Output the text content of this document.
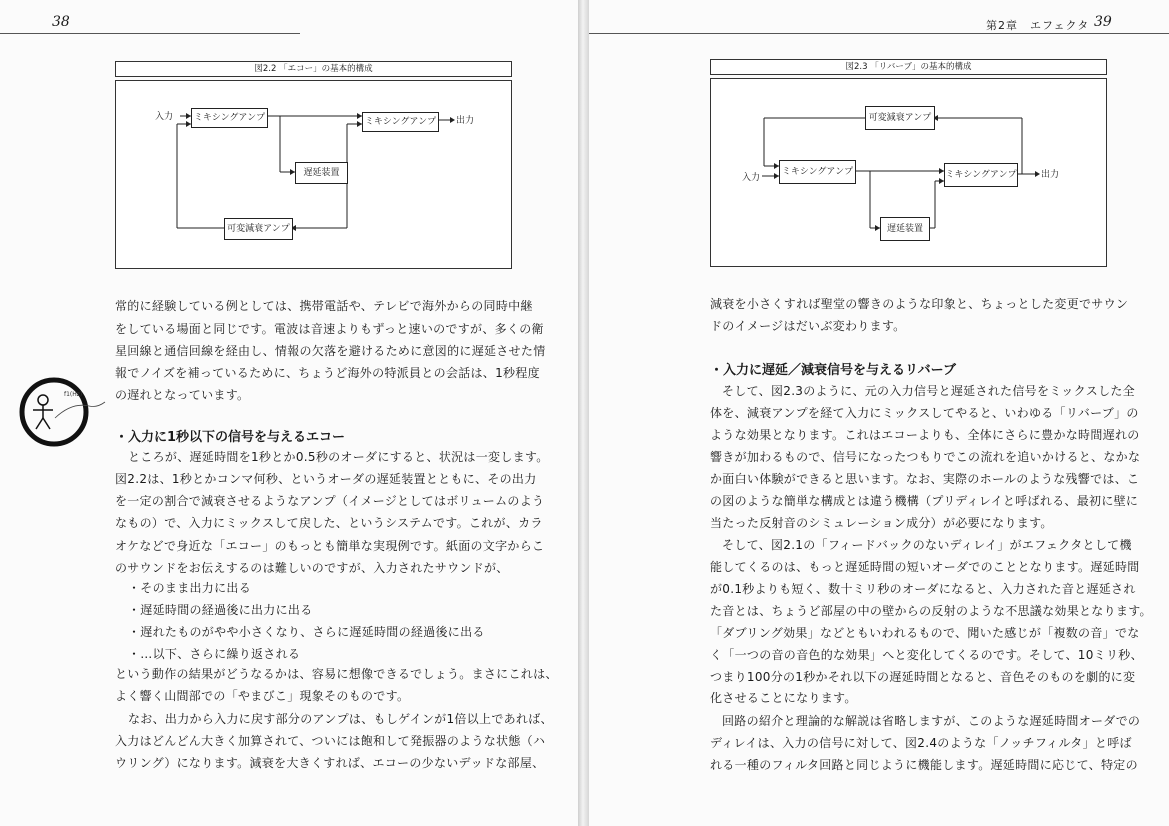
38
図2.2 「エコー」の基本的構成
入力	ミキシングアンプ	ミキシングアンプ	出力
遅延装置
可変減衰アンプ
常的に経験している例としては、携帯電話や、テレビで海外からの同時中継
をしている場面と同じです。電波は音速よりもずっと速いのですが、多くの衛
星回線と通信回線を経由し、情報の欠落を避けるために意図的に遅延させた情
報でノイズを補っているために、ちょうど海外の特派員との会話は、1秒程度
の遅れとなっています。
f1(Hz)
・入力に1秒以下の信号を与えるエコー
ところが、遅延時間を1秒とか0.5秒のオーダにすると、状況は一変します。
図2.2は、1秒とかコンマ何秒、というオーダの遅延装置とともに、その出力
を一定の割合で減衰させるようなアンプ（イメージとしてはボリュームのよう
なもの）で、入力にミックスして戻した、というシステムです。これが、カラ
オケなどで身近な「エコー」のもっとも簡単な実現例です。紙面の文字からこ
のサウンドをお伝えするのは難しいのですが、入力されたサウンドが、
・そのまま出力に出る
・遅延時間の経過後に出力に出る
・遅れたものがやや小さくなり、さらに遅延時間の経過後に出る
・…以下、さらに繰り返される
という動作の結果がどうなるかは、容易に想像できるでしょう。まさにこれは、
よく響く山間部での「やまびこ」現象そのものです。
なお、出力から入力に戻す部分のアンプは、もしゲインが1倍以上であれば、
入力はどんどん大きく加算されて、ついには飽和して発振器のような状態（ハ
ウリング）になります。減衰を大きくすれば、エコーの少ないデッドな部屋、
第2章　エフェクタ 39
図2.3 「リバーブ」の基本的構成
入力
可変減衰アンプ
ミキシングアンプ	ミキシングアンプ	出力
遅延装置
減衰を小さくすれば聖堂の響きのような印象と、ちょっとした変更でサウン
ドのイメージはだいぶ変わります。
・入力に遅延／減衰信号を与えるリバーブ
そして、図2.3のように、元の入力信号と遅延された信号をミックスした全
体を、減衰アンプを経て入力にミックスしてやると、いわゆる「リバーブ」の
ような効果となります。これはエコーよりも、全体にさらに豊かな時間遅れの
響きが加わるもので、信号になったつもりでこの流れを追いかけると、なかな
か面白い体験ができると思います。なお、実際のホールのような残響では、こ
の図のような簡単な構成とは違う機構（プリディレイと呼ばれる、最初に壁に
当たった反射音のシミュレーション成分）が必要になります。
そして、図2.1の「フィードバックのないディレイ」がエフェクタとして機
能してくるのは、もっと遅延時間の短いオーダでのこととなります。遅延時間
が0.1秒よりも短く、数十ミリ秒のオーダになると、入力された音と遅延され
た音とは、ちょうど部屋の中の壁からの反射のような不思議な効果となります。
「ダブリング効果」などともいわれるもので、聞いた感じが「複数の音」でな
く「一つの音の音色的な効果」へと変化してくるのです。そして、10ミリ秒、
つまり100分の1秒かそれ以下の遅延時間となると、音色そのものを劇的に変
化させることになります。
回路の紹介と理論的な解説は省略しますが、このような遅延時間オーダでの
ディレイは、入力の信号に対して、図2.4のような「ノッチフィルタ」と呼ば
れる一種のフィルタ回路と同じように機能します。遅延時間に応じて、特定の
